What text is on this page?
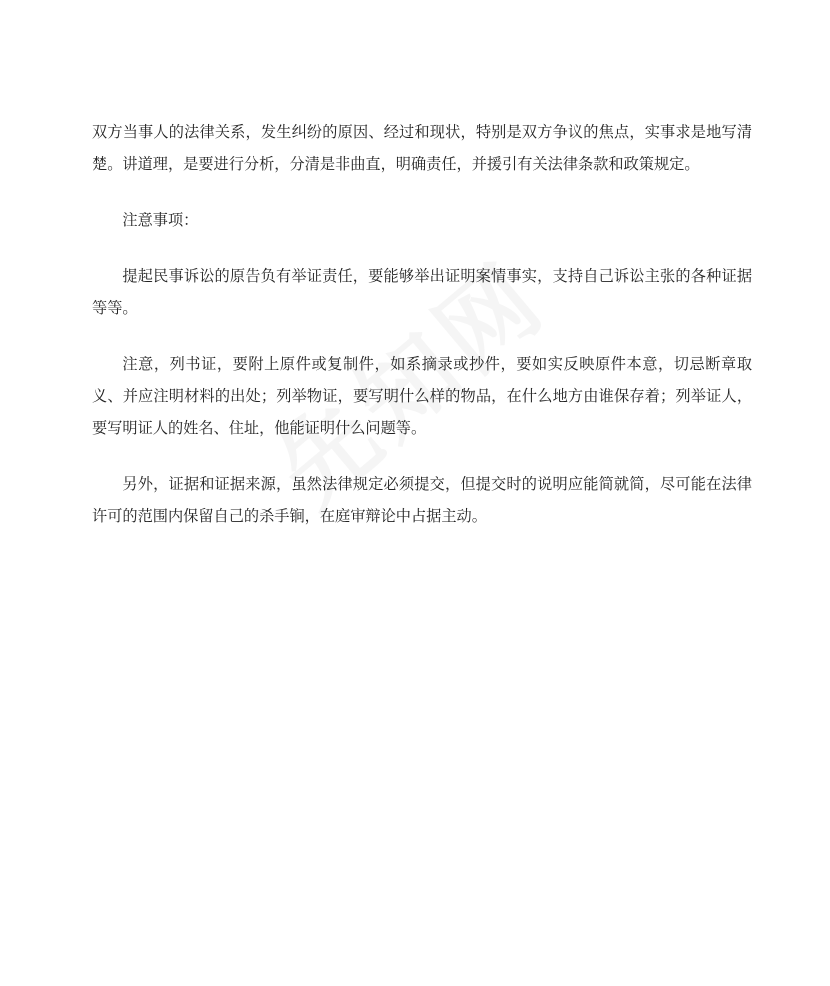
双方当事人的法律关系，发生纠纷的原因、经过和现状，特别是双方争议的焦点，实事求是地写清楚。讲道理，是要进行分析，分清是非曲直，明确责任，并援引有关法律条款和政策规定。

注意事项：

提起民事诉讼的原告负有举证责任，要能够举出证明案情事实，支持自己诉讼主张的各种证据等等。

注意，列书证，要附上原件或复制件，如系摘录或抄件，要如实反映原件本意，切忌断章取义、并应注明材料的出处；列举物证，要写明什么样的物品，在什么地方由谁保存着；列举证人，要写明证人的姓名、住址，他能证明什么问题等。

另外，证据和证据来源，虽然法律规定必须提交，但提交时的说明应能简就简，尽可能在法律许可的范围内保留自己的杀手锏，在庭审辩论中占据主动。
